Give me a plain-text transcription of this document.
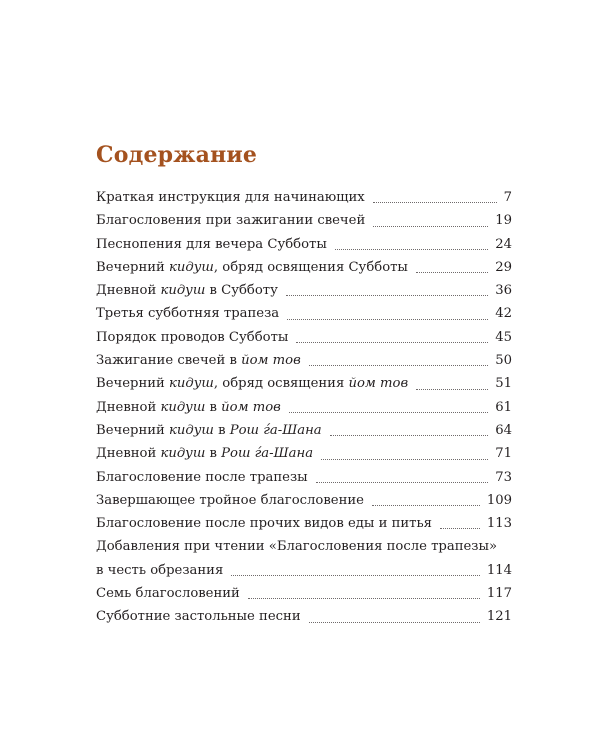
Содержание
Краткая инструкция для начинающих	7
Благословения при зажигании свечей	19
Песнопения для вечера Субботы	24
Вечерний кидуш, обряд освящения Субботы	29
Дневной кидуш в Субботу	36
Третья субботняя трапеза	42
Порядок проводов Субботы	45
Зажигание свечей в йом тов	50
Вечерний кидуш, обряд освящения йом тов	51
Дневной кидуш в йом тов	61
Вечерний кидуш в Рош ѓа-Шана	64
Дневной кидуш в Рош ѓа-Шана	71
Благословение после трапезы	73
Завершающее тройное благословение	109
Благословение после прочих видов еды и питья	113
Добавления при чтении «Благословения после трапезы»
в честь обрезания	114
Семь благословений	117
Субботние застольные песни	121
